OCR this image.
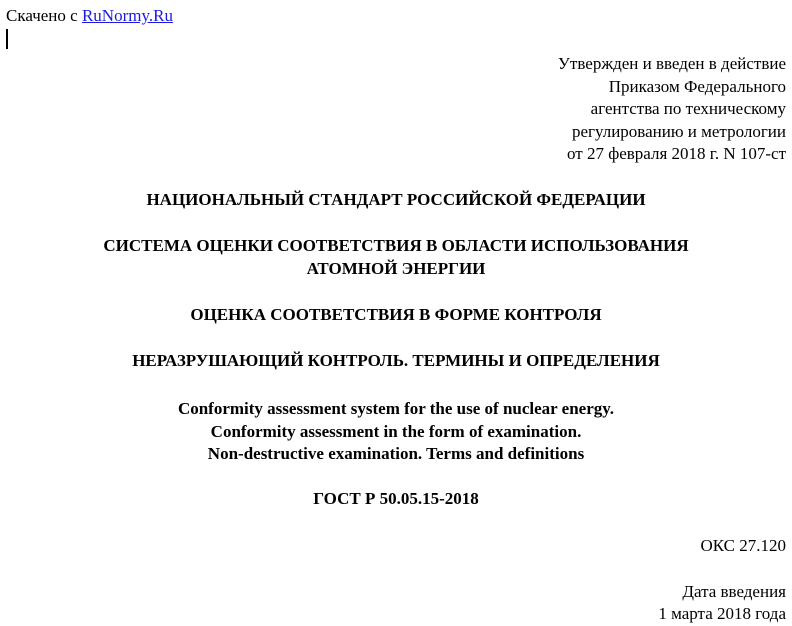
Скачено с RuNormy.Ru
Утвержден и введен в действие
Приказом Федерального
агентства по техническому
регулированию и метрологии
от 27 февраля 2018 г. N 107-ст
НАЦИОНАЛЬНЫЙ СТАНДАРТ РОССИЙСКОЙ ФЕДЕРАЦИИ
СИСТЕМА ОЦЕНКИ СООТВЕТСТВИЯ В ОБЛАСТИ ИСПОЛЬЗОВАНИЯ
АТОМНОЙ ЭНЕРГИИ
ОЦЕНКА СООТВЕТСТВИЯ В ФОРМЕ КОНТРОЛЯ
НЕРАЗРУШАЮЩИЙ КОНТРОЛЬ. ТЕРМИНЫ И ОПРЕДЕЛЕНИЯ
Conformity assessment system for the use of nuclear energy.
Conformity assessment in the form of examination.
Non-destructive examination. Terms and definitions
ГОСТ Р 50.05.15-2018
ОКС 27.120
Дата введения
1 марта 2018 года
